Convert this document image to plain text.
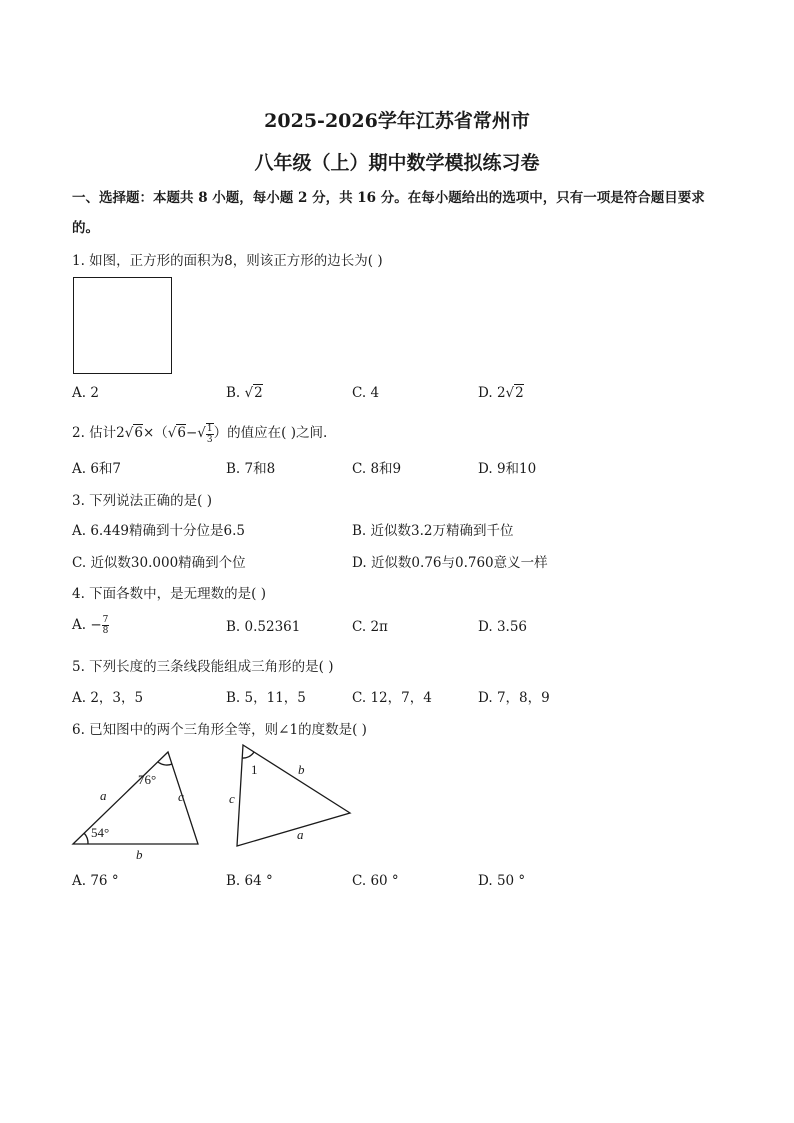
2025-2026学年江苏省常州市
八年级（上）期中数学模拟练习卷
一、选择题：本题共 8 小题，每小题 2 分，共 16 分。在每小题给出的选项中，只有一项是符合题目要求
的。
1. 如图，正方形的面积为8，则该正方形的边长为( )
A. 2	B. √2	C. 4	D. 2√2
2. 估计$2√6\times(√6-√ \frac{1}{3}$ ）的值应在( )之间.
A. 6和7	B. 7和8	C. 8和9	D. 9和10
3. 下列说法正确的是( )
A. 6.449精确到十分位是6.5	B. 近似数3.2万精确到千位
C. 近似数30.000精确到个位	D. 近似数0.76与0.760意义一样
4. 下面各数中，是无理数的是( )
A. − $\frac{7}{8}$	B. 0.52361	C. 2π	D. 3.56
5. 下列长度的三条线段能组成三角形的是( )
A. 2，3，5	B. 5，11，5	C. 12，7，4	D. 7，8，9
6. 已知图中的两个三角形全等，则∠1的度数是( )
76°
54°
a	c
b
1	b
c
a
A. 76 °	B. 64 °	C. 60 °	D. 50 °
